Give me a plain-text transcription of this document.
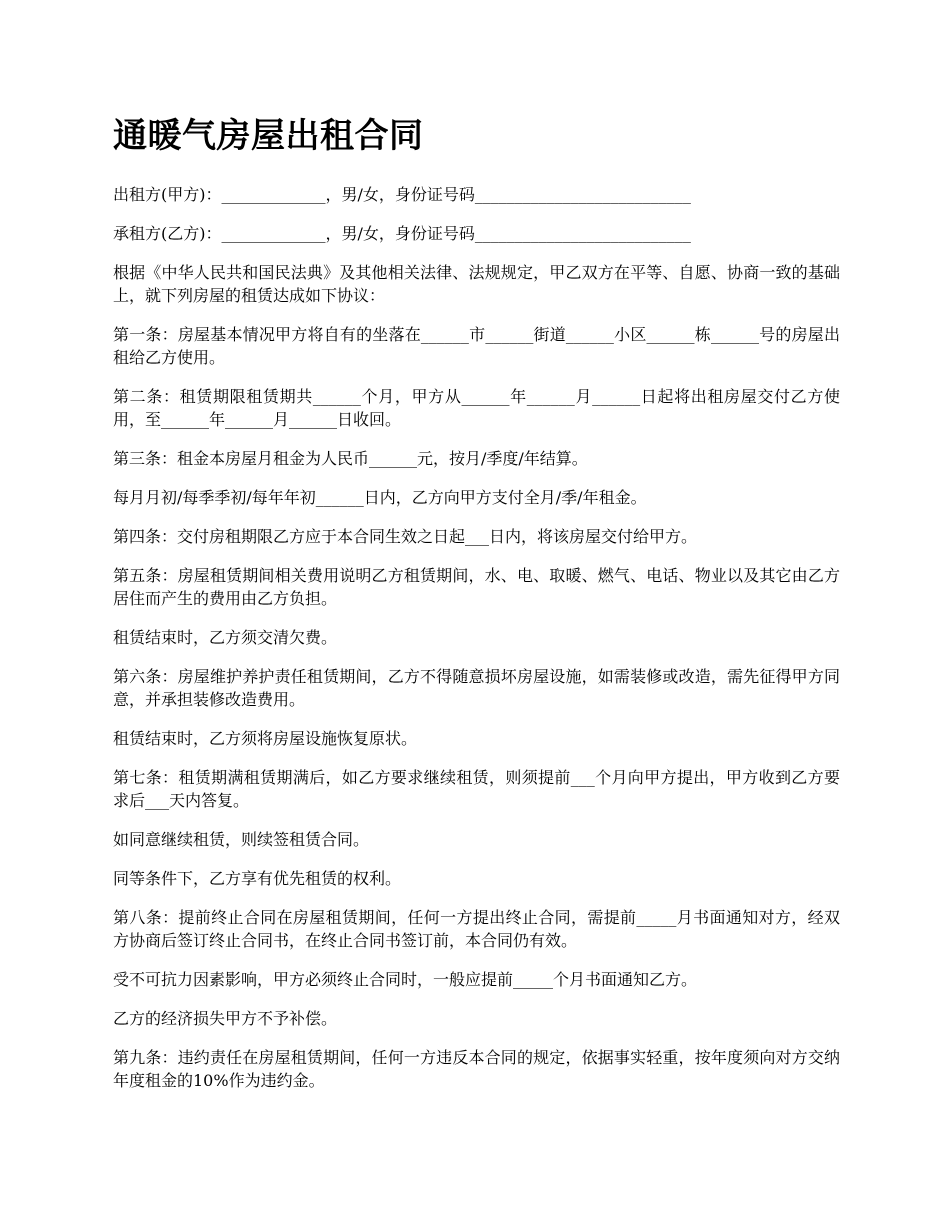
通暖气房屋出租合同

出租方(甲方)：_____________，男/女，身份证号码___________________________

承租方(乙方)：_____________，男/女，身份证号码___________________________

根据《中华人民共和国民法典》及其他相关法律、法规规定，甲乙双方在平等、自愿、协商一致的基础上，就下列房屋的租赁达成如下协议：

第一条：房屋基本情况甲方将自有的坐落在______市______街道______小区______栋______号的房屋出租给乙方使用。

第二条：租赁期限租赁期共______个月，甲方从______年______月______日起将出租房屋交付乙方使用，至______年______月______日收回。

第三条：租金本房屋月租金为人民币______元，按月/季度/年结算。

每月月初/每季季初/每年年初______日内，乙方向甲方支付全月/季/年租金。

第四条：交付房租期限乙方应于本合同生效之日起___日内，将该房屋交付给甲方。

第五条：房屋租赁期间相关费用说明乙方租赁期间，水、电、取暖、燃气、电话、物业以及其它由乙方居住而产生的费用由乙方负担。

租赁结束时，乙方须交清欠费。

第六条：房屋维护养护责任租赁期间，乙方不得随意损坏房屋设施，如需装修或改造，需先征得甲方同意，并承担装修改造费用。

租赁结束时，乙方须将房屋设施恢复原状。

第七条：租赁期满租赁期满后，如乙方要求继续租赁，则须提前___个月向甲方提出，甲方收到乙方要求后___天内答复。

如同意继续租赁，则续签租赁合同。

同等条件下，乙方享有优先租赁的权利。

第八条：提前终止合同在房屋租赁期间，任何一方提出终止合同，需提前_____月书面通知对方，经双方协商后签订终止合同书，在终止合同书签订前，本合同仍有效。

受不可抗力因素影响，甲方必须终止合同时，一般应提前_____个月书面通知乙方。

乙方的经济损失甲方不予补偿。

第九条：违约责任在房屋租赁期间，任何一方违反本合同的规定，依据事实轻重，按年度须向对方交纳年度租金的10%作为违约金。
